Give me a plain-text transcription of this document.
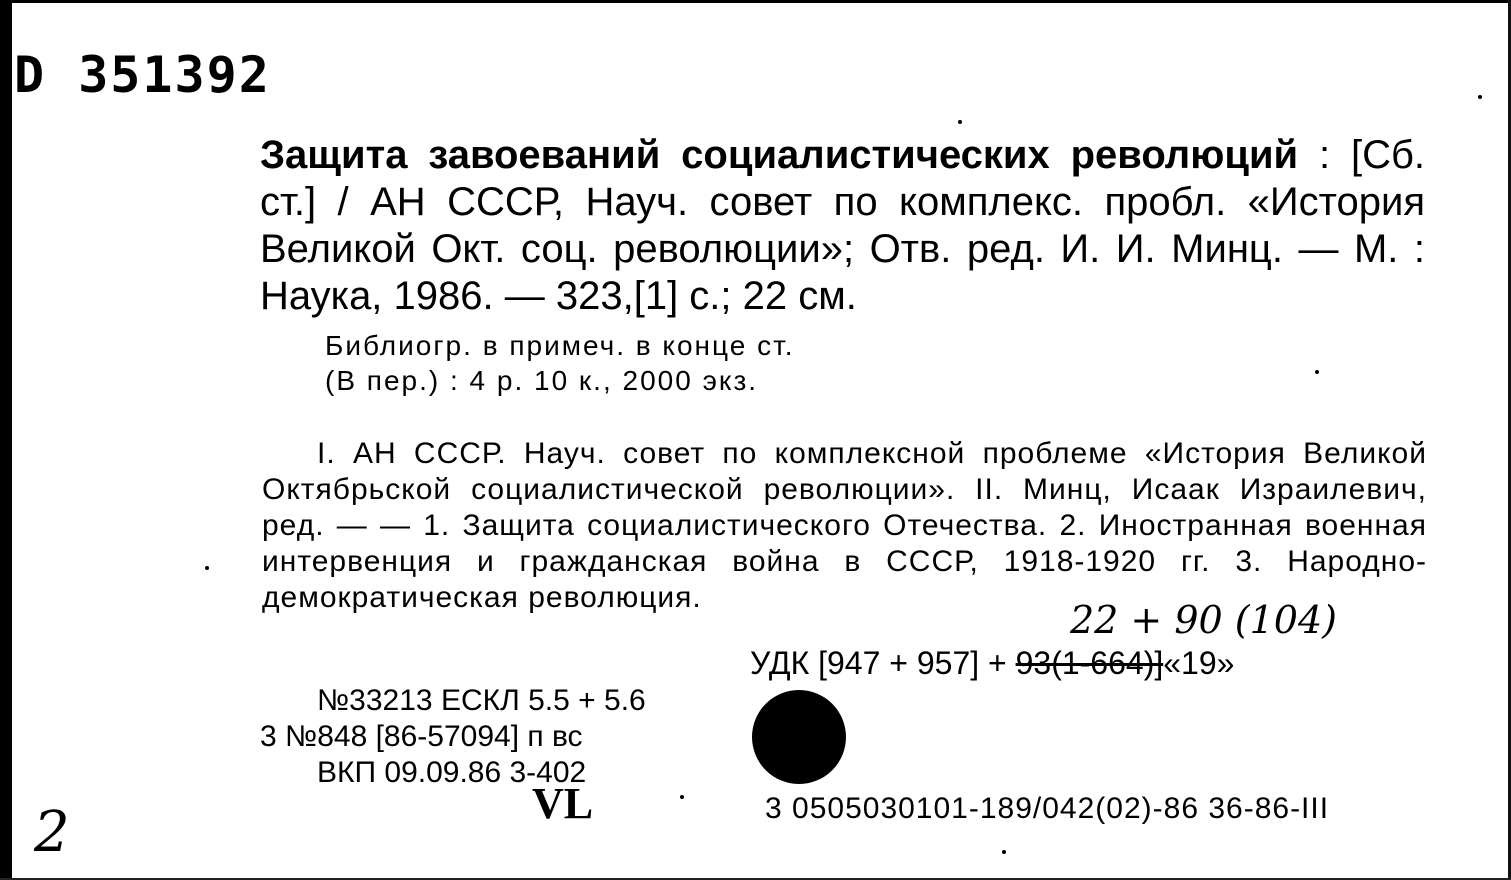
D 351392
Защита завоеваний социалистических революций : [Сб. ст.] / АН СССР, Науч. совет по комплекс. пробл. «История Великой Окт. соц. революции»; Отв. ред. И. И. Минц. — М. : Наука, 1986. — 323,[1] с.; 22 см.
Библиогр. в примеч. в конце ст.
(В пер.) : 4 р. 10 к., 2000 экз.
I. АН СССР. Науч. совет по комплексной проблеме «История Великой Октябрьской социалистической революции». II. Минц, Исаак Израилевич, ред. — — 1. Защита социалистического Отечества. 2. Иностранная военная интервенция и гражданская война в СССР, 1918-1920 гг. 3. Народно-демократическая революция.
22 + 90 (104)
УДК [947 + 957] + 93(1-664)]«19»
№33213 ЕСКЛ 5.5 + 5.6
3 №848 [86-57094] п вс
ВКП 09.09.86 3-402
VL	3 0505030101-189/042(02)-86 36-86-III
2
